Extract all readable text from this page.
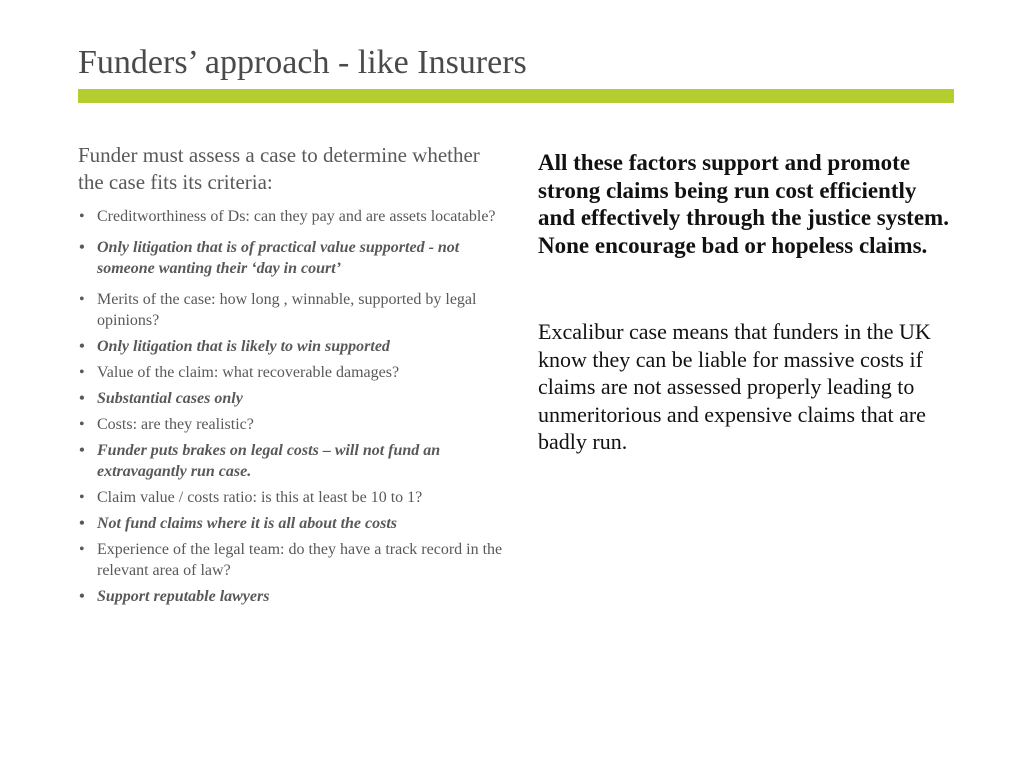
Funders’ approach - like Insurers

Funder must assess a case to determine whether the case fits its criteria:

• Creditworthiness of Ds: can they pay and are assets locatable?
• Only litigation that is of practical value supported - not someone wanting their ‘day in court’
• Merits of the case: how long , winnable, supported by legal opinions?
• Only litigation that is likely to win supported
• Value of the claim: what recoverable damages?
• Substantial cases only
• Costs: are they realistic?
• Funder puts brakes on legal costs – will not fund an extravagantly run case.
• Claim value / costs ratio: is this at least be 10 to 1?
• Not fund claims where it is all about the costs
• Experience of the legal team: do they have a track record in the relevant area of law?
• Support reputable lawyers

All these factors support and promote strong claims being run cost efficiently and effectively through the justice system. None encourage bad or hopeless claims.

Excalibur case means that funders in the UK know they can be liable for massive costs if claims are not assessed properly leading to unmeritorious and expensive claims that are badly run.
